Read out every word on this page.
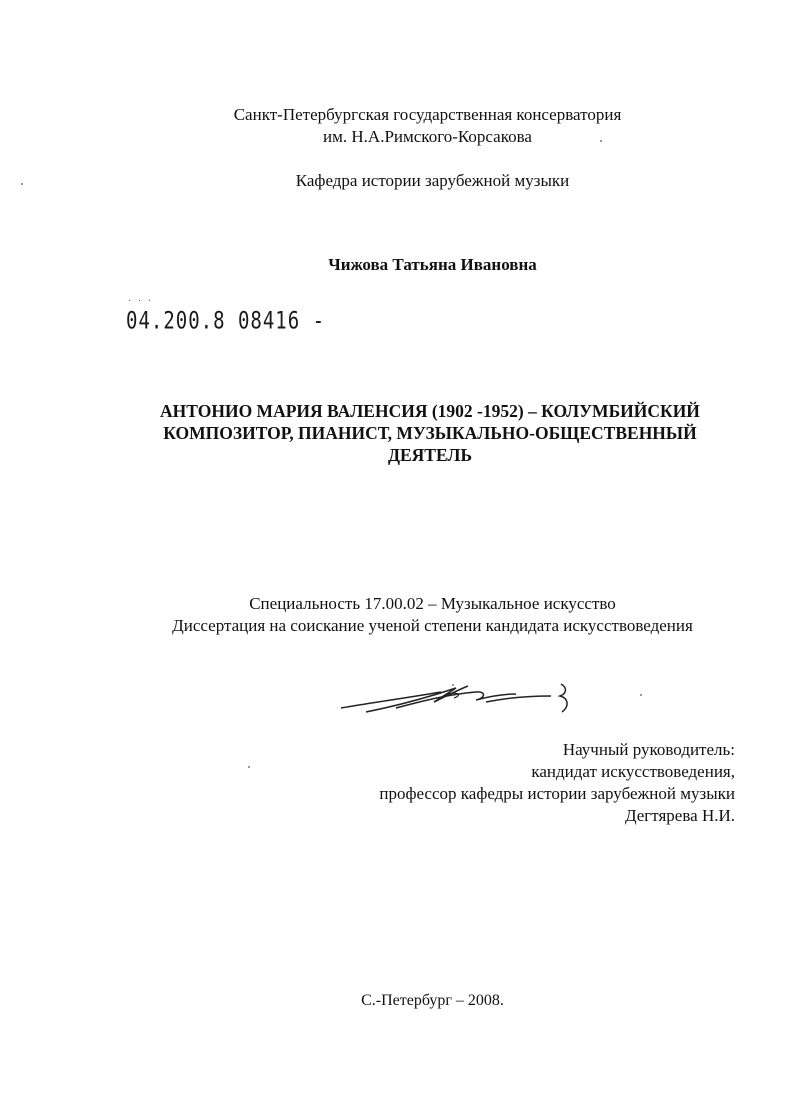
Санкт-Петербургская государственная консерватория
им. Н.А.Римского-Корсакова
Кафедра истории зарубежной музыки
Чижова Татьяна Ивановна
· · ·
04.200.8 08416 -
АНТОНИО МАРИЯ ВАЛЕНСИЯ (1902 -1952) – КОЛУМБИЙСКИЙ
КОМПОЗИТОР, ПИАНИСТ, МУЗЫКАЛЬНО-ОБЩЕСТВЕННЫЙ
ДЕЯТЕЛЬ
Специальность 17.00.02 – Музыкальное искусство
Диссертация на соискание ученой степени кандидата искусствоведения
Научный руководитель:
кандидат искусствоведения,
профессор кафедры истории зарубежной музыки
Дегтярева Н.И.
С.-Петербург – 2008.
